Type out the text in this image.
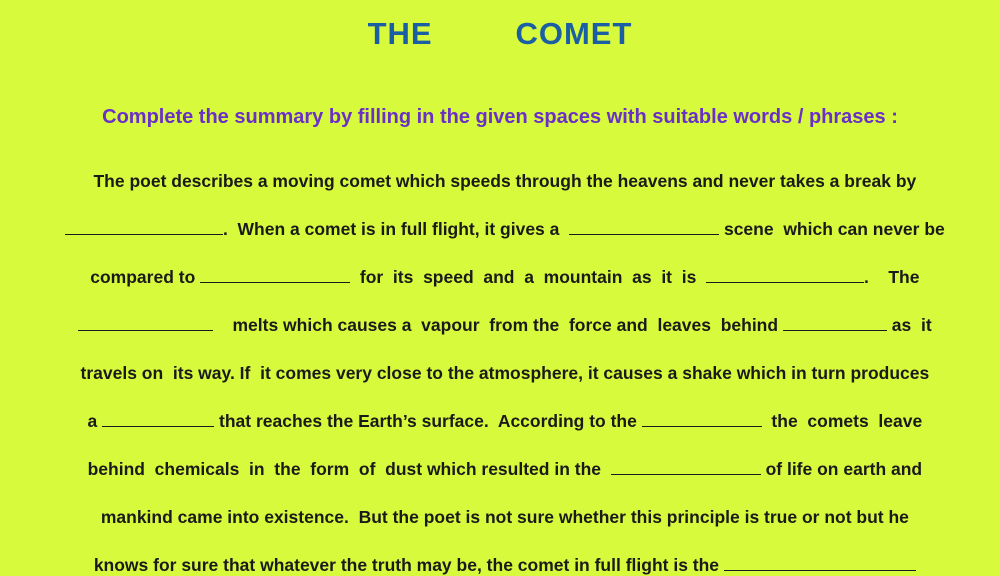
THE   COMET
Complete the summary by filling in the given spaces with suitable words / phrases :

The poet describes a moving comet which speeds through the heavens and never takes a break by

.  When a comet is in full flight, it gives a	scene  which can never be

compared to	for  its  speed  and  a  mountain  as  it  is	.    The

melts which causes a  vapour  from the  force and  leaves  behind	as  it

travels on  its way. If  it comes very close to the atmosphere, it causes a shake which in turn produces

a	that reaches the Earth’s surface.  According to the	the  comets  leave

behind  chemicals  in  the  form  of  dust which resulted in the	of life on earth and

mankind came into existence.  But the poet is not sure whether this principle is true or not but he

knows for sure that whatever the truth may be, the comet in full flight is the
